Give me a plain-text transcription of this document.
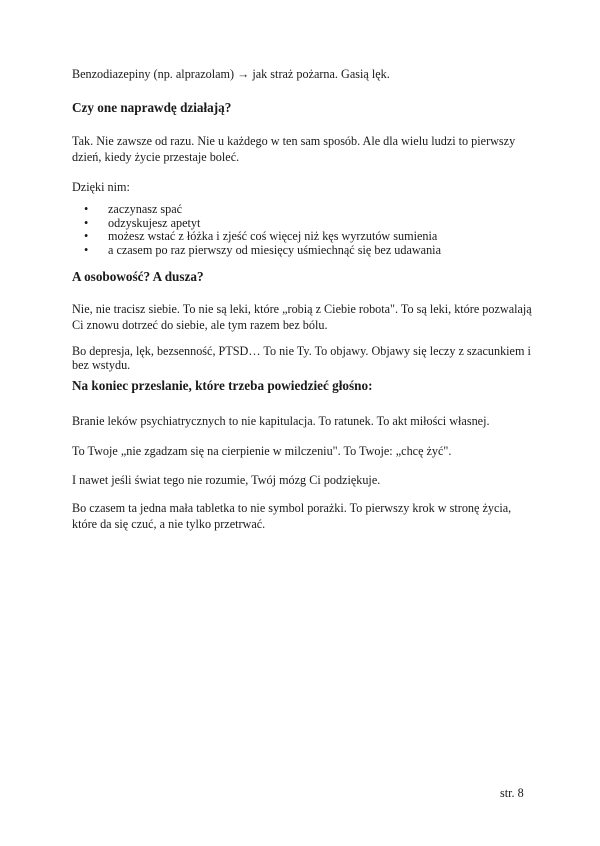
Benzodiazepiny (np. alprazolam) → jak straż pożarna. Gasią lęk.

Czy one naprawdę działają?

Tak. Nie zawsze od razu. Nie u każdego w ten sam sposób. Ale dla wielu ludzi to pierwszy dzień, kiedy życie przestaje boleć.

Dzięki nim:

• zaczynasz spać
• odzyskujesz apetyt
• możesz wstać z łóżka i zjeść coś więcej niż kęs wyrzutów sumienia
• a czasem po raz pierwszy od miesięcy uśmiechnąć się bez udawania
A osobowość? A dusza?

Nie, nie tracisz siebie. To nie są leki, które „robią z Ciebie robota". To są leki, które pozwalają Ci znowu dotrzeć do siebie, ale tym razem bez bólu.

Bo depresja, lęk, bezsenność, PTSD… To nie Ty. To objawy. Objawy się leczy z szacunkiem i bez wstydu.

Na koniec przeslanie, które trzeba powiedzieć głośno:

Branie leków psychiatrycznych to nie kapitulacja. To ratunek. To akt miłości własnej.

To Twoje „nie zgadzam się na cierpienie w milczeniu". To Twoje: „chcę żyć".

I nawet jeśli świat tego nie rozumie, Twój mózg Ci podziękuje.

Bo czasem ta jedna mała tabletka to nie symbol porażki. To pierwszy krok w stronę życia, które da się czuć, a nie tylko przetrwać.

str. 8
